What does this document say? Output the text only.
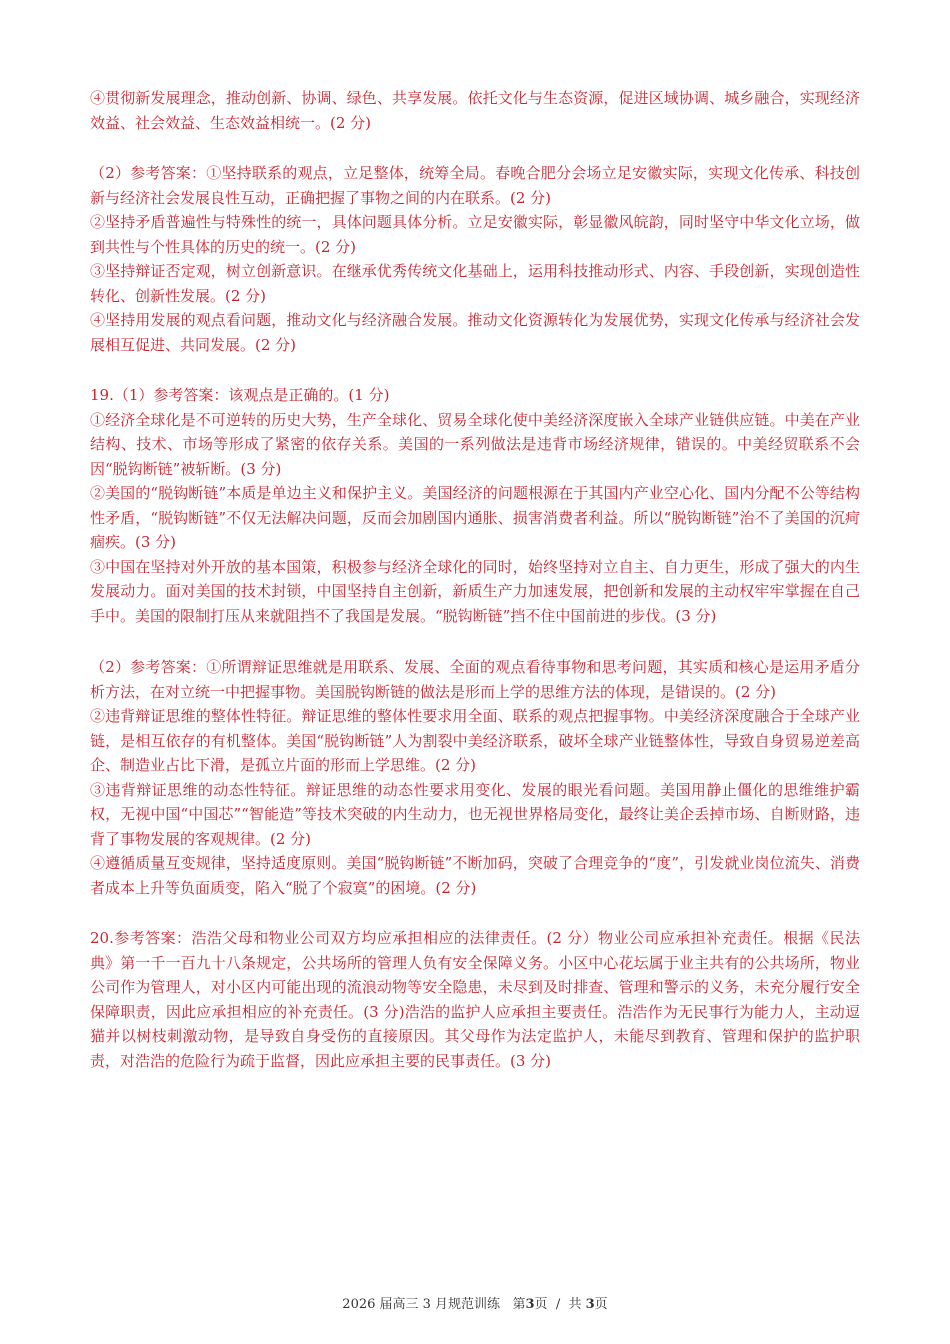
④贯彻新发展理念，推动创新、协调、绿色、共享发展。依托文化与生态资源，促进区域协调、城乡融合，实现经济效益、社会效益、生态效益相统一。(2 分)

（2）参考答案：①坚持联系的观点，立足整体，统筹全局。春晚合肥分会场立足安徽实际，实现文化传承、科技创新与经济社会发展良性互动，正确把握了事物之间的内在联系。(2 分)

②坚持矛盾普遍性与特殊性的统一，具体问题具体分析。立足安徽实际，彰显徽风皖韵，同时坚守中华文化立场，做到共性与个性具体的历史的统一。(2 分)

③坚持辩证否定观，树立创新意识。在继承优秀传统文化基础上，运用科技推动形式、内容、手段创新，实现创造性转化、创新性发展。(2 分)

④坚持用发展的观点看问题，推动文化与经济融合发展。推动文化资源转化为发展优势，实现文化传承与经济社会发展相互促进、共同发展。(2 分)

19.（1）参考答案：该观点是正确的。(1 分)

①经济全球化是不可逆转的历史大势，生产全球化、贸易全球化使中美经济深度嵌入全球产业链供应链。中美在产业结构、技术、市场等形成了紧密的依存关系。美国的一系列做法是违背市场经济规律，错误的。中美经贸联系不会因“脱钩断链”被斩断。(3 分)

②美国的“脱钩断链”本质是单边主义和保护主义。美国经济的问题根源在于其国内产业空心化、国内分配不公等结构性矛盾，“脱钩断链”不仅无法解决问题，反而会加剧国内通胀、损害消费者利益。所以“脱钩断链”治不了美国的沉疴痼疾。(3 分)

③中国在坚持对外开放的基本国策，积极参与经济全球化的同时，始终坚持对立自主、自力更生，形成了强大的内生发展动力。面对美国的技术封锁，中国坚持自主创新，新质生产力加速发展，把创新和发展的主动权牢牢掌握在自己手中。美国的限制打压从来就阻挡不了我国是发展。“脱钩断链”挡不住中国前进的步伐。(3 分)

（2）参考答案：①所谓辩证思维就是用联系、发展、全面的观点看待事物和思考问题，其实质和核心是运用矛盾分析方法，在对立统一中把握事物。美国脱钩断链的做法是形而上学的思维方法的体现，是错误的。(2 分)

②违背辩证思维的整体性特征。辩证思维的整体性要求用全面、联系的观点把握事物。中美经济深度融合于全球产业链，是相互依存的有机整体。美国“脱钩断链”人为割裂中美经济联系，破坏全球产业链整体性，导致自身贸易逆差高企、制造业占比下滑，是孤立片面的形而上学思维。(2 分)

③违背辩证思维的动态性特征。辩证思维的动态性要求用变化、发展的眼光看问题。美国用静止僵化的思维维护霸权，无视中国“中国芯”“智能造”等技术突破的内生动力，也无视世界格局变化，最终让美企丢掉市场、自断财路，违背了事物发展的客观规律。(2 分)

④遵循质量互变规律，坚持适度原则。美国“脱钩断链”不断加码，突破了合理竞争的“度”，引发就业岗位流失、消费者成本上升等负面质变，陷入“脱了个寂寞”的困境。(2 分)

20.参考答案：浩浩父母和物业公司双方均应承担相应的法律责任。(2 分）物业公司应承担补充责任。根据《民法典》第一千一百九十八条规定，公共场所的管理人负有安全保障义务。小区中心花坛属于业主共有的公共场所，物业公司作为管理人，对小区内可能出现的流浪动物等安全隐患，未尽到及时排查、管理和警示的义务，未充分履行安全保障职责，因此应承担相应的补充责任。(3 分)浩浩的监护人应承担主要责任。浩浩作为无民事行为能力人，主动逗猫并以树枝刺激动物，是导致自身受伤的直接原因。其父母作为法定监护人，未能尽到教育、管理和保护的监护职责，对浩浩的危险行为疏于监督，因此应承担主要的民事责任。(3 分)

2026 届高三 3 月规范训练 第3页 / 共 3页
